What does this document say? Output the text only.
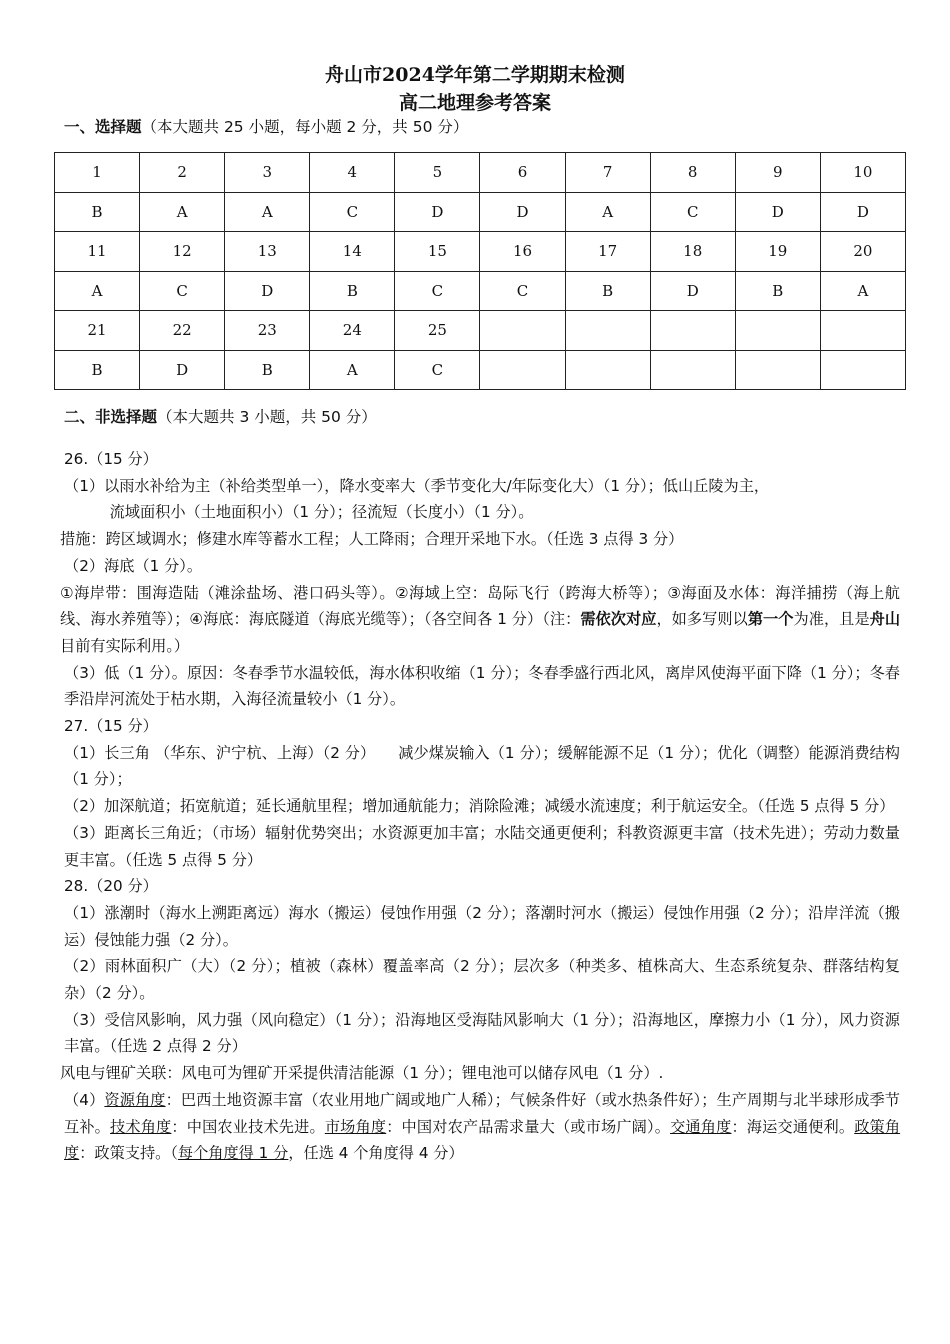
舟山市2024学年第二学期期末检测
高二地理参考答案
一、选择题（本大题共 25 小题，每小题 2 分，共 50 分）
1	2	3	4	5	6	7	8	9	10
B	A	A	C	D	D	A	C	D	D
11	12	13	14	15	16	17	18	19	20
A	C	D	B	C	C	B	D	B	A
21	22	23	24	25					
B	D	B	A	C					
二、非选择题（本大题共 3 小题，共 50 分）

26.（15 分）

（1）以雨水补给为主（补给类型单一），降水变率大（季节变化大/年际变化大）（1 分）；低山丘陵为主，

流域面积小（土地面积小）（1 分）；径流短（长度小）（1 分）。

措施：跨区域调水；修建水库等蓄水工程；人工降雨；合理开采地下水。（任选 3 点得 3 分）

（2）海底（1 分）。

①海岸带：围海造陆（滩涂盐场、港口码头等）。②海域上空：岛际飞行（跨海大桥等）；③海面及水体：海洋捕捞（海上航线、海水养殖等）；④海底：海底隧道（海底光缆等）；（各空间各 1 分）（注：需依次对应，如多写则以第一个为准，且是舟山目前有实际利用。）

（3）低（1 分）。原因：冬春季节水温较低，海水体积收缩（1 分）；冬春季盛行西北风，离岸风使海平面下降（1 分）；冬春季沿岸河流处于枯水期，入海径流量较小（1 分）。

27.（15 分）

（1）长三角 （华东、沪宁杭、上海）（2 分）　　减少煤炭输入（1 分）；缓解能源不足（1 分）；优化（调整）能源消费结构（1 分）；

（2）加深航道；拓宽航道；延长通航里程；增加通航能力；消除险滩；减缓水流速度；利于航运安全。（任选 5 点得 5 分）

（3）距离长三角近；（市场）辐射优势突出；水资源更加丰富；水陆交通更便利；科教资源更丰富（技术先进）；劳动力数量更丰富。（任选 5 点得 5 分）

28.（20 分）

（1）涨潮时（海水上溯距离远）海水（搬运）侵蚀作用强（2 分）；落潮时河水（搬运）侵蚀作用强（2 分）；沿岸洋流（搬运）侵蚀能力强（2 分）。

（2）雨林面积广（大）（2 分）；植被（森林）覆盖率高（2 分）；层次多（种类多、植株高大、生态系统复杂、群落结构复杂）（2 分）。

（3）受信风影响，风力强（风向稳定）（1 分）；沿海地区受海陆风影响大（1 分）；沿海地区，摩擦力小（1 分），风力资源丰富。（任选 2 点得 2 分）

风电与锂矿关联：风电可为锂矿开采提供清洁能源（1 分）；锂电池可以储存风电（1 分）.

（4）资源角度：巴西土地资源丰富（农业用地广阔或地广人稀）；气候条件好（或水热条件好）；生产周期与北半球形成季节互补。技术角度：中国农业技术先进。市场角度：中国对农产品需求量大（或市场广阔）。交通角度：海运交通便利。政策角度：政策支持。（每个角度得 1 分，任选 4 个角度得 4 分）
